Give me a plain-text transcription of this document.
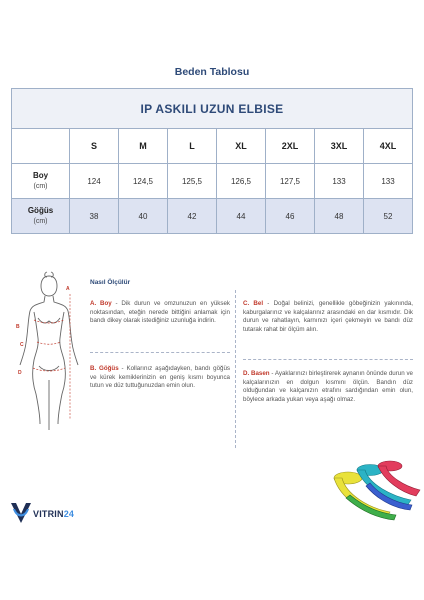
Beden Tablosu
IP ASKILI UZUN ELBISE							
	S	M	L	XL	2XL	3XL	4XL
Boy
(cm)	124	124,5	125,5	126,5	127,5	133	133
Göğüs
(cm)	38	40	42	44	46	48	52
B
C
D
A
Nasıl Ölçülür
A. Boy - Dik durun ve omzunuzun en yüksek noktasından, eteğin nerede bittiğini anlamak için bandı dikey olarak istediğiniz uzunluğa indirin.
B. Göğüs - Kollarınız aşağıdayken, bandı göğüs ve kürek kemiklerinizin en geniş kısmı boyunca tutun ve düz tuttuğunuzdan emin olun.
C. Bel - Doğal belinizi, genellikle göbeğinizin yakınında, kaburgalarınız ve kalçalarınız arasındaki en dar kısmıdır. Dik durun ve rahatlayın, karnınızı içeri çekmeyin ve bandı düz tutarak rahat bir ölçüm alın.
D. Basen - Ayaklarınızı birleştirerek aynanın önünde durun ve kalçalarınızın en dolgun kısmını ölçün. Bandın düz olduğundan ve kalçanızın etrafını sardığından emin olun, böylece arkada yukarı veya aşağı olmaz.
VITRIN24
